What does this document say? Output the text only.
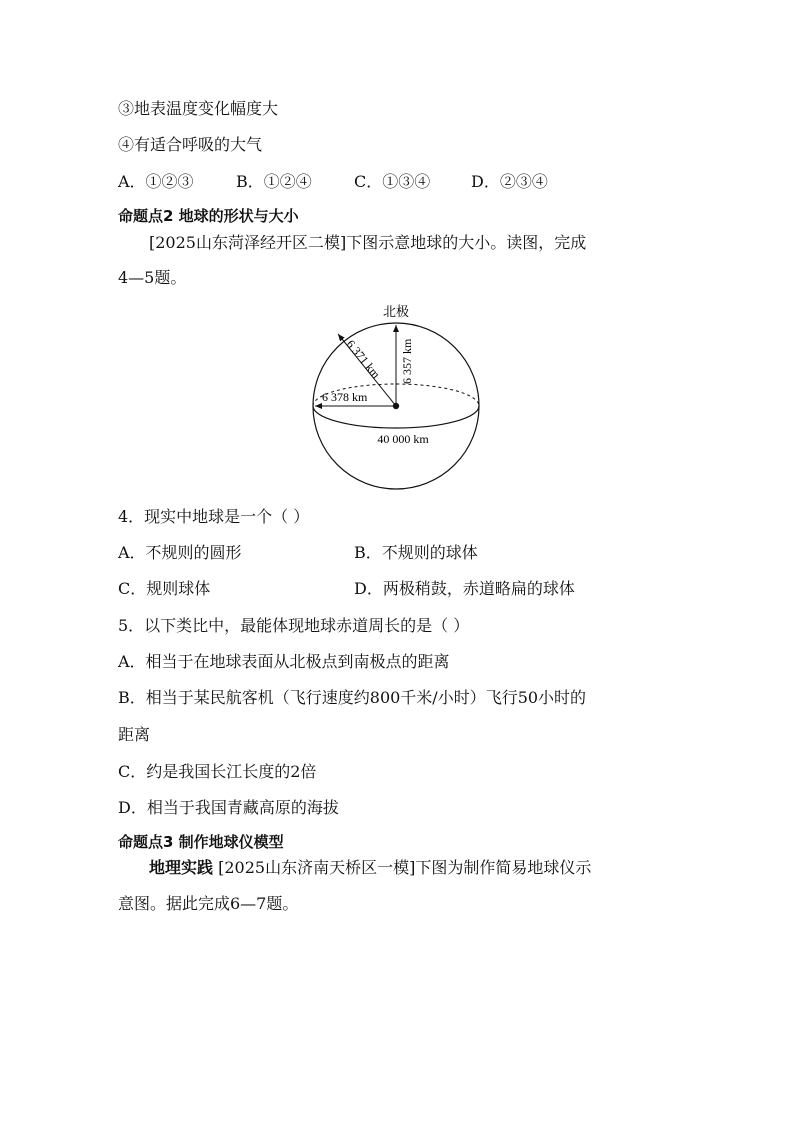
③地表温度变化幅度大
④有适合呼吸的大气
A．①②③	B．①②④	C．①③④	D．②③④
命题点2 地球的形状与大小
[2025山东菏泽经开区二模]下图示意地球的大小。读图，完成
4—5题。
北极
6 371 km 6 357 km
6 378 km
40 000 km
4．现实中地球是一个（ ）
A．不规则的圆形	B．不规则的球体
C．规则球体	D．两极稍鼓，赤道略扁的球体
5．以下类比中，最能体现地球赤道周长的是（ ）
A．相当于在地球表面从北极点到南极点的距离
B．相当于某民航客机（飞行速度约800千米/小时）飞行50小时的
距离
C．约是我国长江长度的2倍
D．相当于我国青藏高原的海拔
命题点3 制作地球仪模型
地理实践 [2025山东济南天桥区一模]下图为制作简易地球仪示
意图。据此完成6—7题。
